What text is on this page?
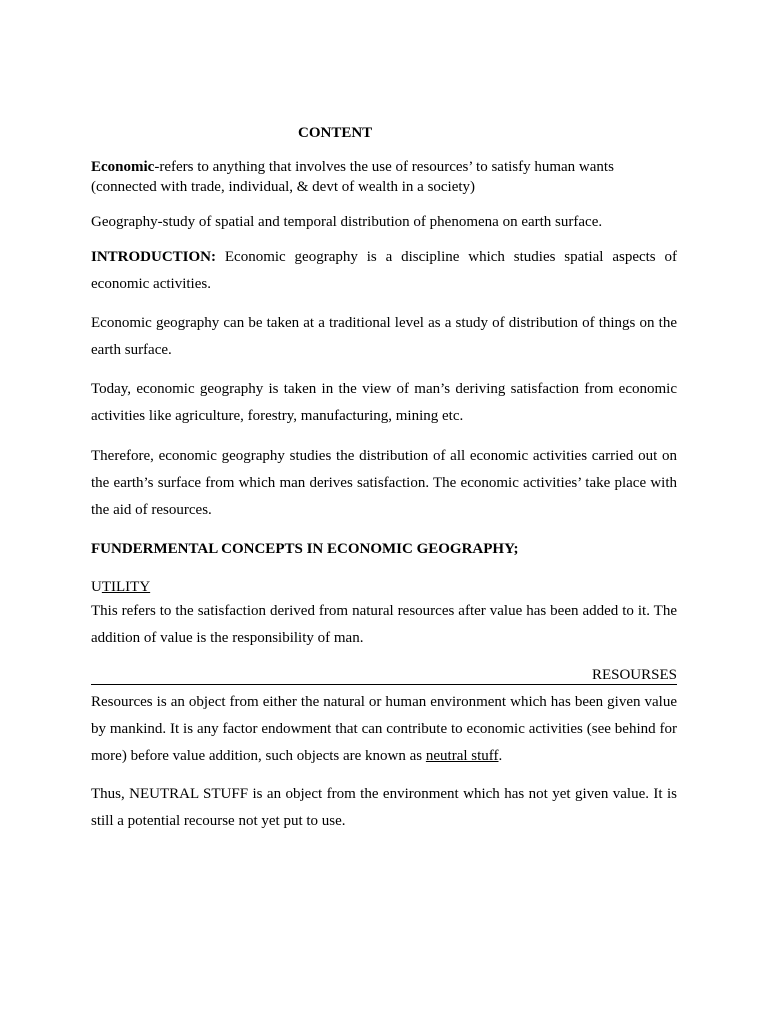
CONTENT

Economic-refers to anything that involves the use of resources’ to satisfy human wants (connected with trade, individual, & devt of wealth in a society)

Geography-study of spatial and temporal distribution of phenomena on earth surface.

INTRODUCTION: Economic geography is a discipline which studies spatial aspects of economic activities.

Economic geography can be taken at a traditional level as a study of distribution of things on the earth surface.

Today, economic geography is taken in the view of man’s deriving satisfaction from economic activities like agriculture, forestry, manufacturing, mining etc.

Therefore, economic geography studies the distribution of all economic activities carried out on the earth’s surface from which man derives satisfaction. The economic activities’ take place with the aid of resources.

FUNDERMENTAL CONCEPTS IN ECONOMIC GEOGRAPHY;

UTILITY

This refers to the satisfaction derived from natural resources after value has been added to it. The addition of value is the responsibility of man.

RESOURSES

Resources is an object from either the natural or human environment which has been given value by mankind. It is any factor endowment that can contribute to economic activities (see behind for more) before value addition, such objects are known as neutral stuff.

Thus, NEUTRAL STUFF is an object from the environment which has not yet given value. It is still a potential recourse not yet put to use.
